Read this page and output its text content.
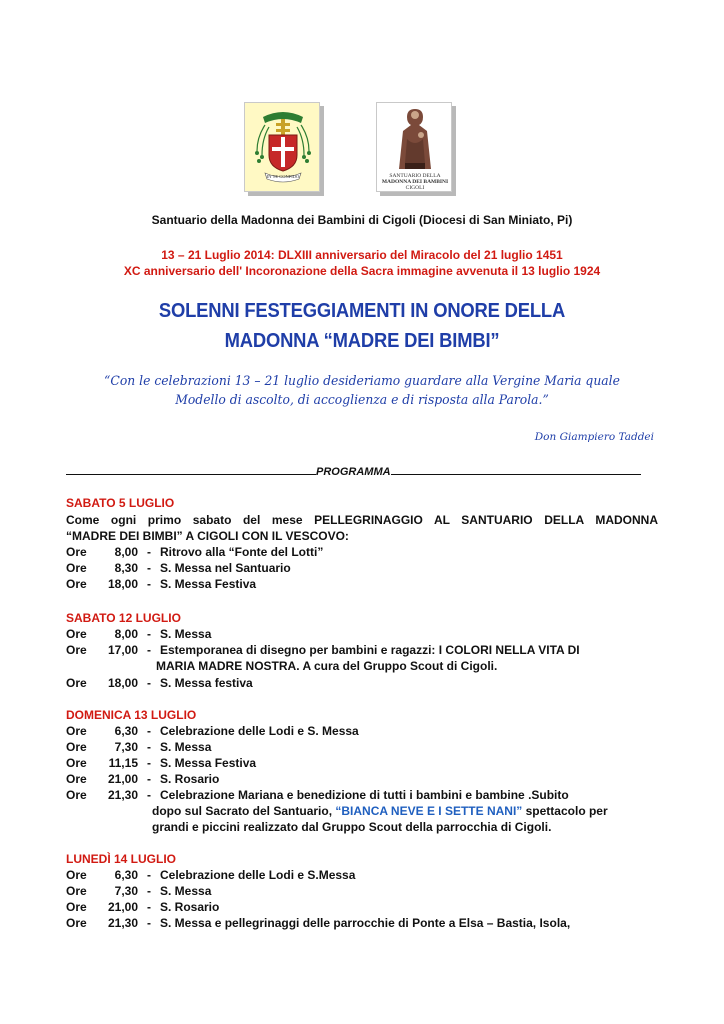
IN TE CONFIDO	SANTUARIO DELLA
MADONNA DEI BAMBINI
CIGOLI
Santuario della Madonna dei Bambini di Cigoli (Diocesi di San Miniato, Pi)
13 – 21 Luglio 2014: DLXIII anniversario del Miracolo del 21 luglio 1451
XC anniversario dell' Incoronazione della Sacra immagine avvenuta il 13 luglio 1924
SOLENNI FESTEGGIAMENTI IN ONORE DELLA
MADONNA “MADRE DEI BIMBI”
“Con le celebrazioni 13 – 21 luglio desideriamo guardare alla Vergine Maria quale
Modello di ascolto, di accoglienza e di risposta alla Parola.”
Don Giampiero Taddei
PROGRAMMA
SABATO 5 LUGLIO
Come ogni primo sabato del mese PELLEGRINAGGIO AL SANTUARIO DELLA MADONNA
“MADRE DEI BIMBI” A CIGOLI CON IL VESCOVO:
Ore 8,00 - Ritrovo alla “Fonte del Lotti”
Ore 8,30 - S. Messa nel Santuario
Ore 18,00 - S. Messa Festiva
SABATO 12 LUGLIO
Ore 8,00 - S. Messa
Ore 17,00 - Estemporanea di disegno per bambini e ragazzi: I COLORI NELLA VITA DI
MARIA MADRE NOSTRA. A cura del Gruppo Scout di Cigoli.
Ore 18,00 - S. Messa festiva
DOMENICA 13 LUGLIO
Ore 6,30 - Celebrazione delle Lodi e S. Messa
Ore 7,30 - S. Messa
Ore 11,15 - S. Messa Festiva
Ore 21,00 - S. Rosario
Ore 21,30 - Celebrazione Mariana e benedizione di tutti i bambini e bambine .Subito
dopo sul Sacrato del Santuario, “BIANCA NEVE E I SETTE NANI” spettacolo per
grandi e piccini realizzato dal Gruppo Scout della parrocchia di Cigoli.
LUNEDÌ 14 LUGLIO
Ore 6,30 - Celebrazione delle Lodi e S.Messa
Ore 7,30 - S. Messa
Ore 21,00 - S. Rosario
Ore 21,30 - S. Messa e pellegrinaggi delle parrocchie di Ponte a Elsa – Bastia, Isola,
